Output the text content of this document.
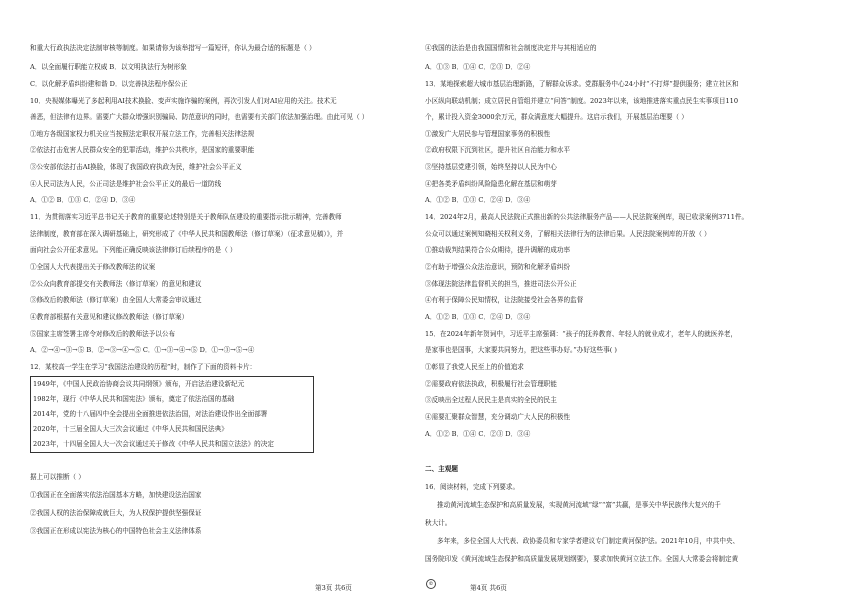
和重大行政执法决定法制审核等制度。如果请你为该举措写一篇短评，你认为最合适的标题是（ ）
A．以全面履行职能立权威 B．以文明执法行为树形象
C．以化解矛盾纠纷建和谐 D．以完善执法程序保公正
10．央视媒体曝光了多起利用AI技术换脸、变声实施诈骗的案例，再次引发人们对AI应用的关注。技术无
善恶，但法律有边界。需要广大群众增强识别骗局、防范意识的同时，也需要有关部门依法加强治理。由此可见（ ）
①地方各级国家权力机关应当按照法定职权开展立法工作，完善相关法律法规
②依法打击危害人民群众安全的犯罪活动，维护公共秩序，是国家的重要职能
③公安部依法打击AI换脸，体现了我国政府执政为民，维护社会公平正义
④人民司法为人民，公正司法是维护社会公平正义的最后一道防线
A．①② B．①③ C．②④ D．③④
11．为贯彻落实习近平总书记关于教育的重要论述特别是关于教师队伍建设的重要指示批示精神，完善教师
法律制度，教育部在深入调研基础上，研究形成了《中华人民共和国教师法（修订草案）（征求意见稿）》，并
面向社会公开征求意见。下列能正确反映该法律修订后续程序的是（ ）
①全国人大代表提出关于修改教师法的议案
②公众向教育部提交有关教师法（修订草案）的意见和建议
③修改后的教师法（修订草案）由全国人大常委会审议通过
④教育部根据有关意见和建议修改教师法（修订草案）
⑤国家主席签署主席令对修改后的教师法予以公布
A．②→④→③→⑤ B．②→③→④→⑤ C．①→③→④→⑤ D．①→③→⑤→④
12．某校高一学生在学习“我国法治建设的历程”时，制作了下面的资料卡片：
1949年，《中国人民政治协商会议共同纲领》颁布，开启法治建设新纪元
1982年，现行《中华人民共和国宪法》颁布，奠定了依法治国的基础
2014年，党的十八届四中全会提出全面推进依法治国，对法治建设作出全面部署
2020年，十三届全国人大三次会议通过《中华人民共和国民法典》
2023年，十四届全国人大一次会议通过关于修改《中华人民共和国立法法》的决定
据上可以推断（ ）
①我国正在全面落实依法治国基本方略，加快建设法治国家
②我国人权的法治保障成就巨大，为人权保护提供坚强保证
③我国正在形成以宪法为核心的中国特色社会主义法律体系
④我国的法治是由我国国情和社会制度决定并与其相适应的
A．①③ B．①④ C．②③ D．②④
13．某地探索超大城市基层治理新路，了解群众诉求。党群服务中心24小时“不打烊”提供服务；建立社区和
小区纵向联动机制；成立居民自管组并建立“问答”制度。2023年以来，该地推进落实重点民生实事项目110
个，累计投入资金3000余万元，群众满意度大幅提升。这启示我们，开展基层治理要（ ）
①激发广大居民参与管理国家事务的积极性
②政府权限下沉到社区，提升社区自治能力和水平
③坚持基层党建引领，始终坚持以人民为中心
④把各类矛盾纠纷风险隐患化解在基层和萌芽
A．①② B．①③ C．②④ D．③④
14．2024年2月，最高人民法院正式推出新的公共法律服务产品——人民法院案例库，现已收录案例3711件。
公众可以通过案例知晓相关权利义务，了解相关法律行为的法律后果。人民法院案例库的开放（ ）
①推动裁判结果符合公众期待，提升调解的成功率
②有助于增强公众法治意识，预防和化解矛盾纠纷
③体现法院法律监督机关的担当，推进司法公开公正
④有利于保障公民知情权，让法院接受社会各界的监督
A．①② B．①③ C．②④ D．③④
15．在2024年新年贺词中，习近平主席强调：“孩子的抚养教育、年轻人的就业成才，老年人的就医养老，
是家事也是国事，大家要共同努力，把这些事办好。”办好这些事( )
①彰显了我党人民至上的价值追求
②需要政府依法执政，积极履行社会管理职能
③反映出全过程人民民主是真实的全民的民主
④需要汇聚群众智慧，充分调动广大人民的积极性
A．①② B．①④ C．②③ D．③④
二、主观题
16．阅读材料，完成下列要求。
推动黄河流域生态保护和高质量发展，实现黄河流域“绿”“富”共赢，是事关中华民族伟大复兴的千
秋大计。
多年来，多位全国人大代表、政协委员和专家学者建议专门制定黄河保护法。2021年10月，中共中央、
国务院印发《黄河流域生态保护和高质量发展规划纲要》，要求加快黄河立法工作。全国人大常委会将制定黄
第3页 共6页	©	第4页 共6页
